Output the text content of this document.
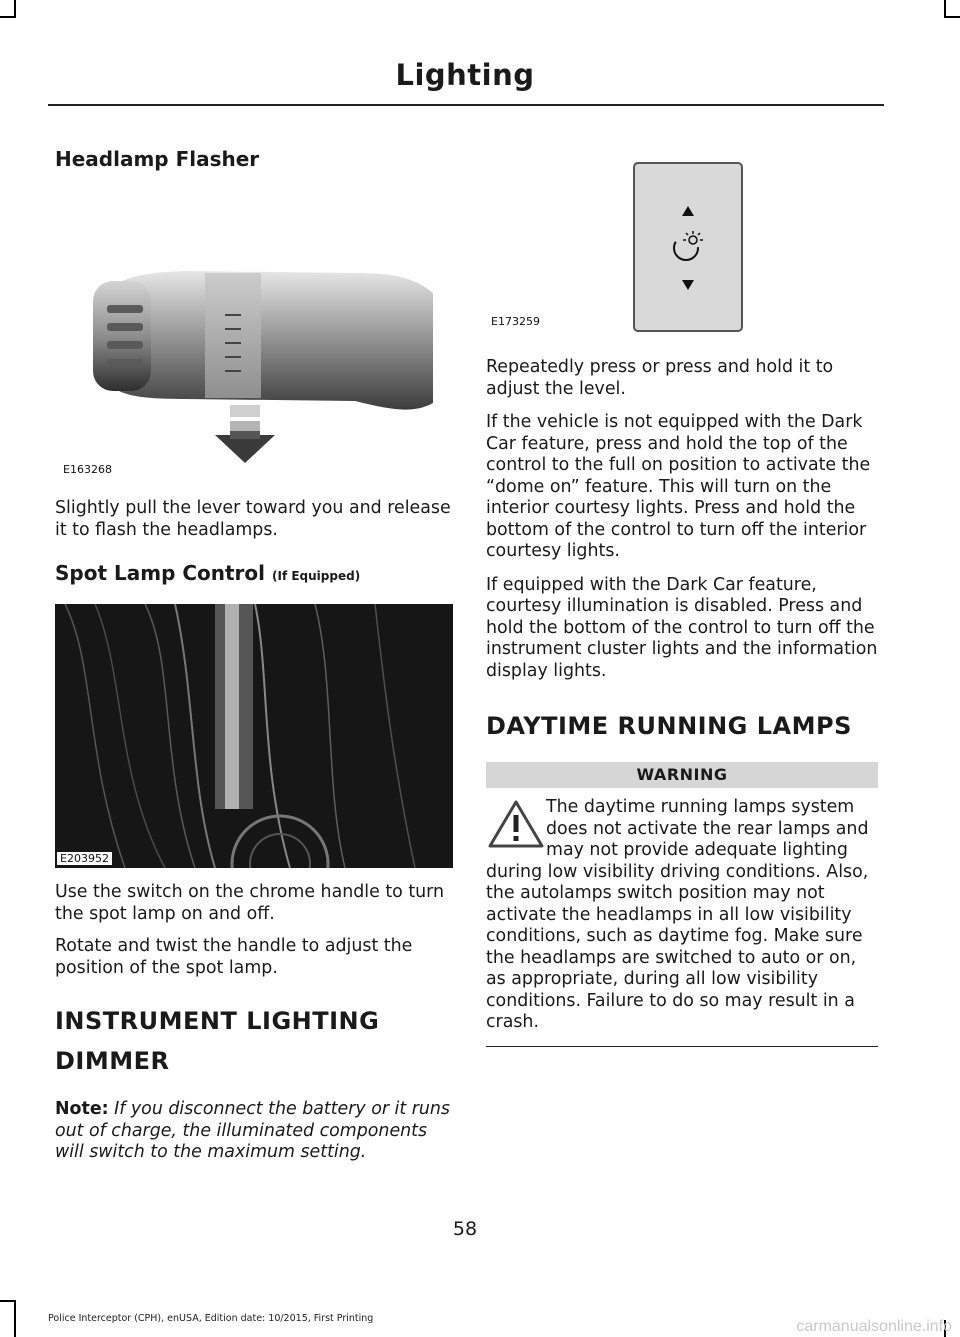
Lighting
Headlamp Flasher
E163268

Slightly pull the lever toward you and release it to flash the headlamps.

Spot Lamp Control (If Equipped)
E203952

Use the switch on the chrome handle to turn the spot lamp on and off.

Rotate and twist the handle to adjust the position of the spot lamp.

INSTRUMENT LIGHTING
DIMMER

Note: If you disconnect the battery or it runs out of charge, the illuminated components will switch to the maximum setting.

E173259

Repeatedly press or press and hold it to adjust the level.

If the vehicle is not equipped with the Dark Car feature, press and hold the top of the control to the full on position to activate the “dome on” feature. This will turn on the interior courtesy lights. Press and hold the bottom of the control to turn off the interior courtesy lights.

If equipped with the Dark Car feature, courtesy illumination is disabled. Press and hold the bottom of the control to turn off the instrument cluster lights and the information display lights.

DAYTIME RUNNING LAMPS
WARNING

The daytime running lamps system does not activate the rear lamps and may not provide adequate lighting during low visibility driving conditions. Also, the autolamps switch position may not activate the headlamps in all low visibility conditions, such as daytime fog. Make sure the headlamps are switched to auto or on, as appropriate, during all low visibility conditions. Failure to do so may result in a crash.

58
Police Interceptor (CPH), enUSA, Edition date: 10/2015, First Printing	carmanualsonline.info
